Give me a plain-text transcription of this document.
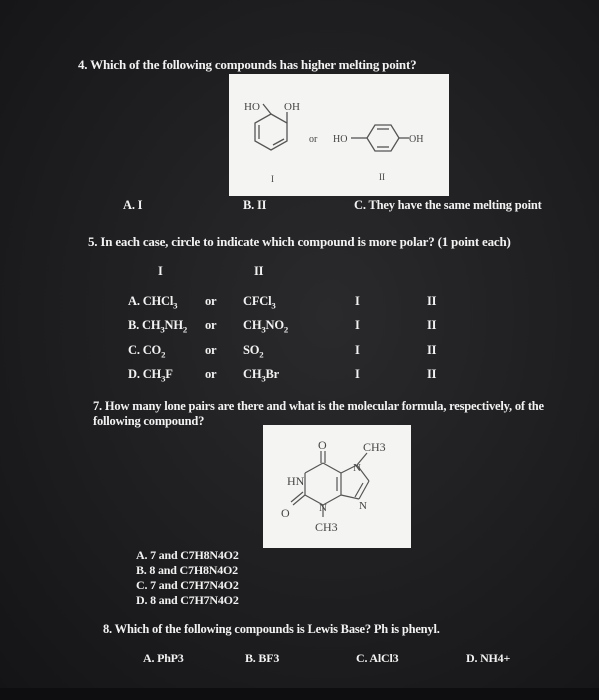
4. Which of the following compounds has higher melting point?
HO OH
I
or HO	OH
II
A. I	B. II	C. They have the same melting point
5. In each case, circle to indicate which compound is more polar? (1 point each)
I	II
A. CHCl$_3$ or CFCl$_3$	I	II
B. $CH_3NH_2$ or $CH_3NO_2$	I	II
C. $CO_2$	or $SO_2$	I	II
D. $CH_3F$	or $CH_3Br$	I	II
7. How many lone pairs are there and what is the molecular formula, respectively, of the
following compound?
O	CH3
N
HN
O	N	N
CH3
A. 7 and C7H8N4O2
B. 8 and C7H8N4O2
C. 7 and C7H7N4O2
D. 8 and C7H7N4O2
8. Which of the following compounds is Lewis Base? Ph is phenyl.
A. PhP3	B. BF3	C. AlCl3	D. NH4+
